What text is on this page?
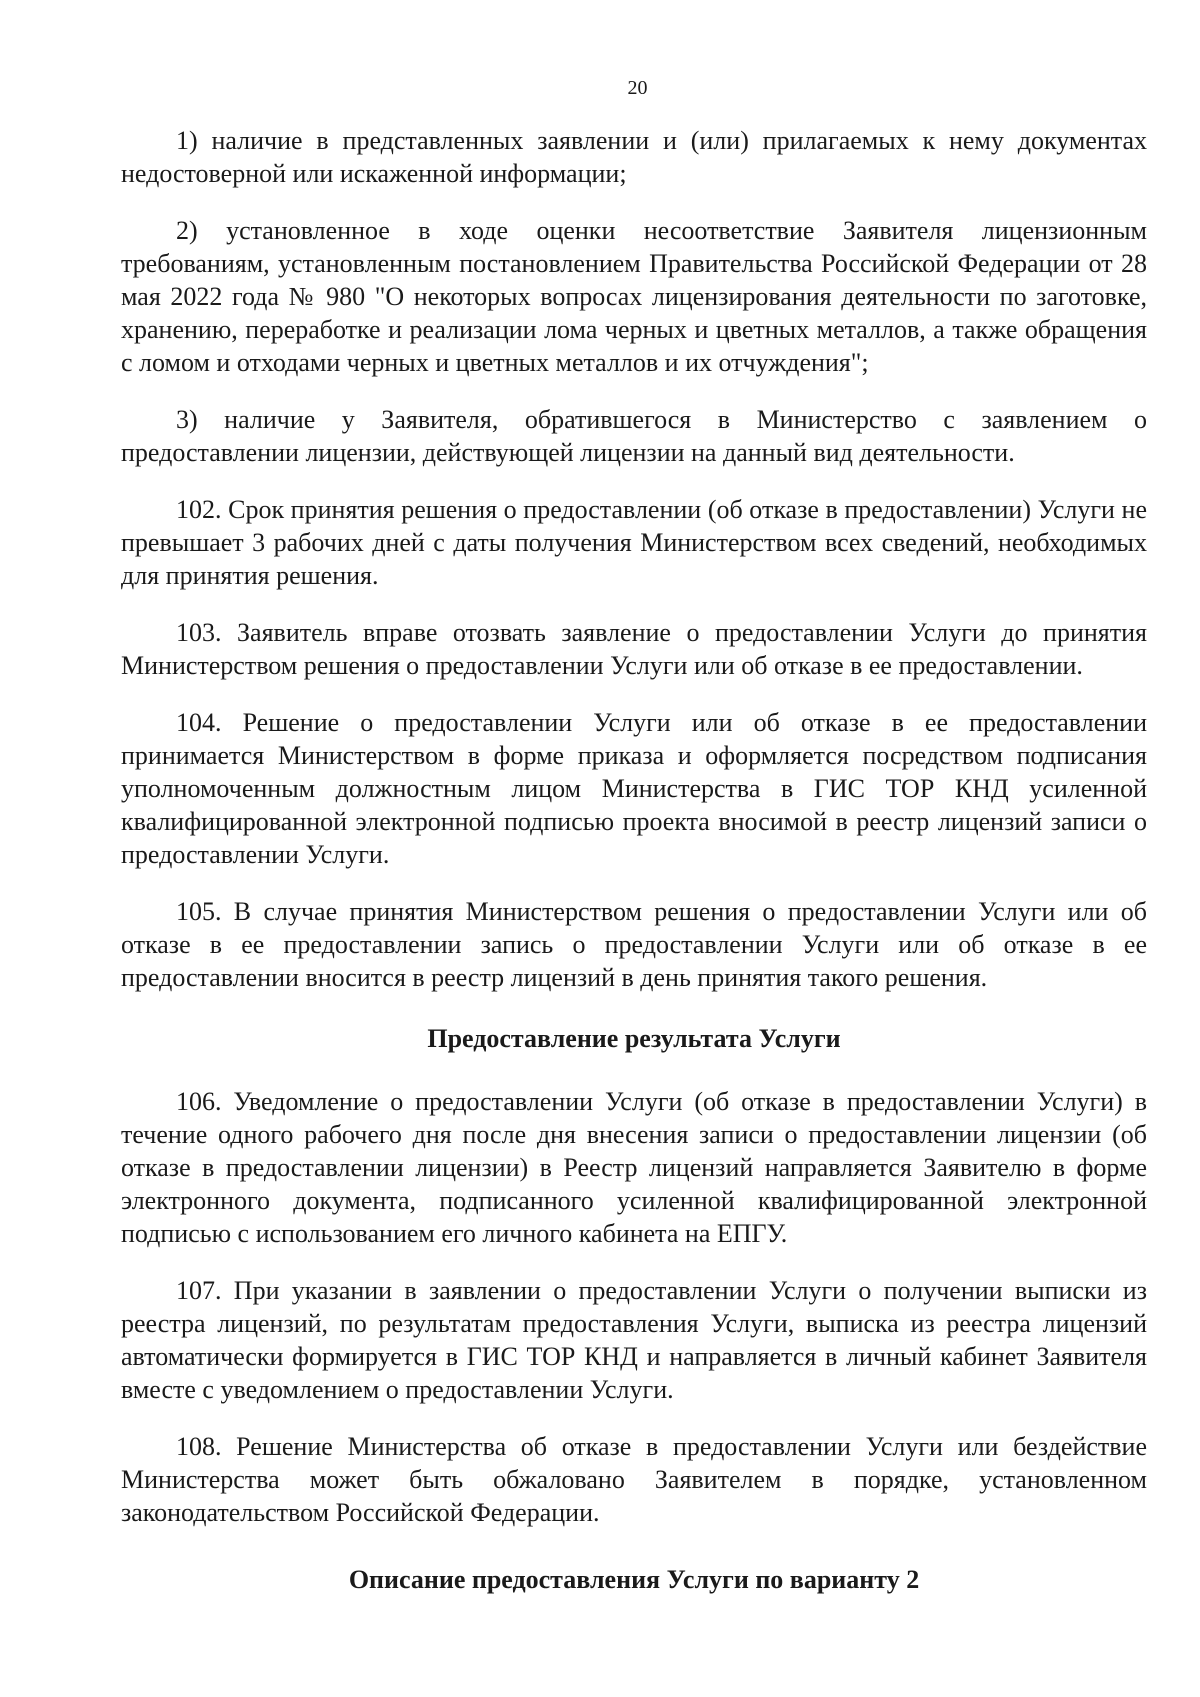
20

1) наличие в представленных заявлении и (или) прилагаемых к нему документах недостоверной или искаженной информации;

2) установленное в ходе оценки несоответствие Заявителя лицензионным требованиям, установленным постановлением Правительства Российской Федерации от 28 мая 2022 года № 980 "О некоторых вопросах лицензирования деятельности по заготовке, хранению, переработке и реализации лома черных и цветных металлов, а также обращения с ломом и отходами черных и цветных металлов и их отчуждения";

3) наличие у Заявителя, обратившегося в Министерство с заявлением о предоставлении лицензии, действующей лицензии на данный вид деятельности.

102. Срок принятия решения о предоставлении (об отказе в предоставлении) Услуги не превышает 3 рабочих дней с даты получения Министерством всех сведений, необходимых для принятия решения.

103. Заявитель вправе отозвать заявление о предоставлении Услуги до принятия Министерством решения о предоставлении Услуги или об отказе в ее предоставлении.

104. Решение о предоставлении Услуги или об отказе в ее предоставлении принимается Министерством в форме приказа и оформляется посредством подписания уполномоченным должностным лицом Министерства в ГИС ТОР КНД усиленной квалифицированной электронной подписью проекта вносимой в реестр лицензий записи о предоставлении Услуги.

105. В случае принятия Министерством решения о предоставлении Услуги или об отказе в ее предоставлении запись о предоставлении Услуги или об отказе в ее предоставлении вносится в реестр лицензий в день принятия такого решения.

Предоставление результата Услуги

106. Уведомление о предоставлении Услуги (об отказе в предоставлении Услуги) в течение одного рабочего дня после дня внесения записи о предоставлении лицензии (об отказе в предоставлении лицензии) в Реестр лицензий направляется Заявителю в форме электронного документа, подписанного усиленной квалифицированной электронной подписью с использованием его личного кабинета на ЕПГУ.

107. При указании в заявлении о предоставлении Услуги о получении выписки из реестра лицензий, по результатам предоставления Услуги, выписка из реестра лицензий автоматически формируется в ГИС ТОР КНД и направляется в личный кабинет Заявителя вместе с уведомлением о предоставлении Услуги.

108. Решение Министерства об отказе в предоставлении Услуги или бездействие Министерства может быть обжаловано Заявителем в порядке, установленном законодательством Российской Федерации.

Описание предоставления Услуги по варианту 2
